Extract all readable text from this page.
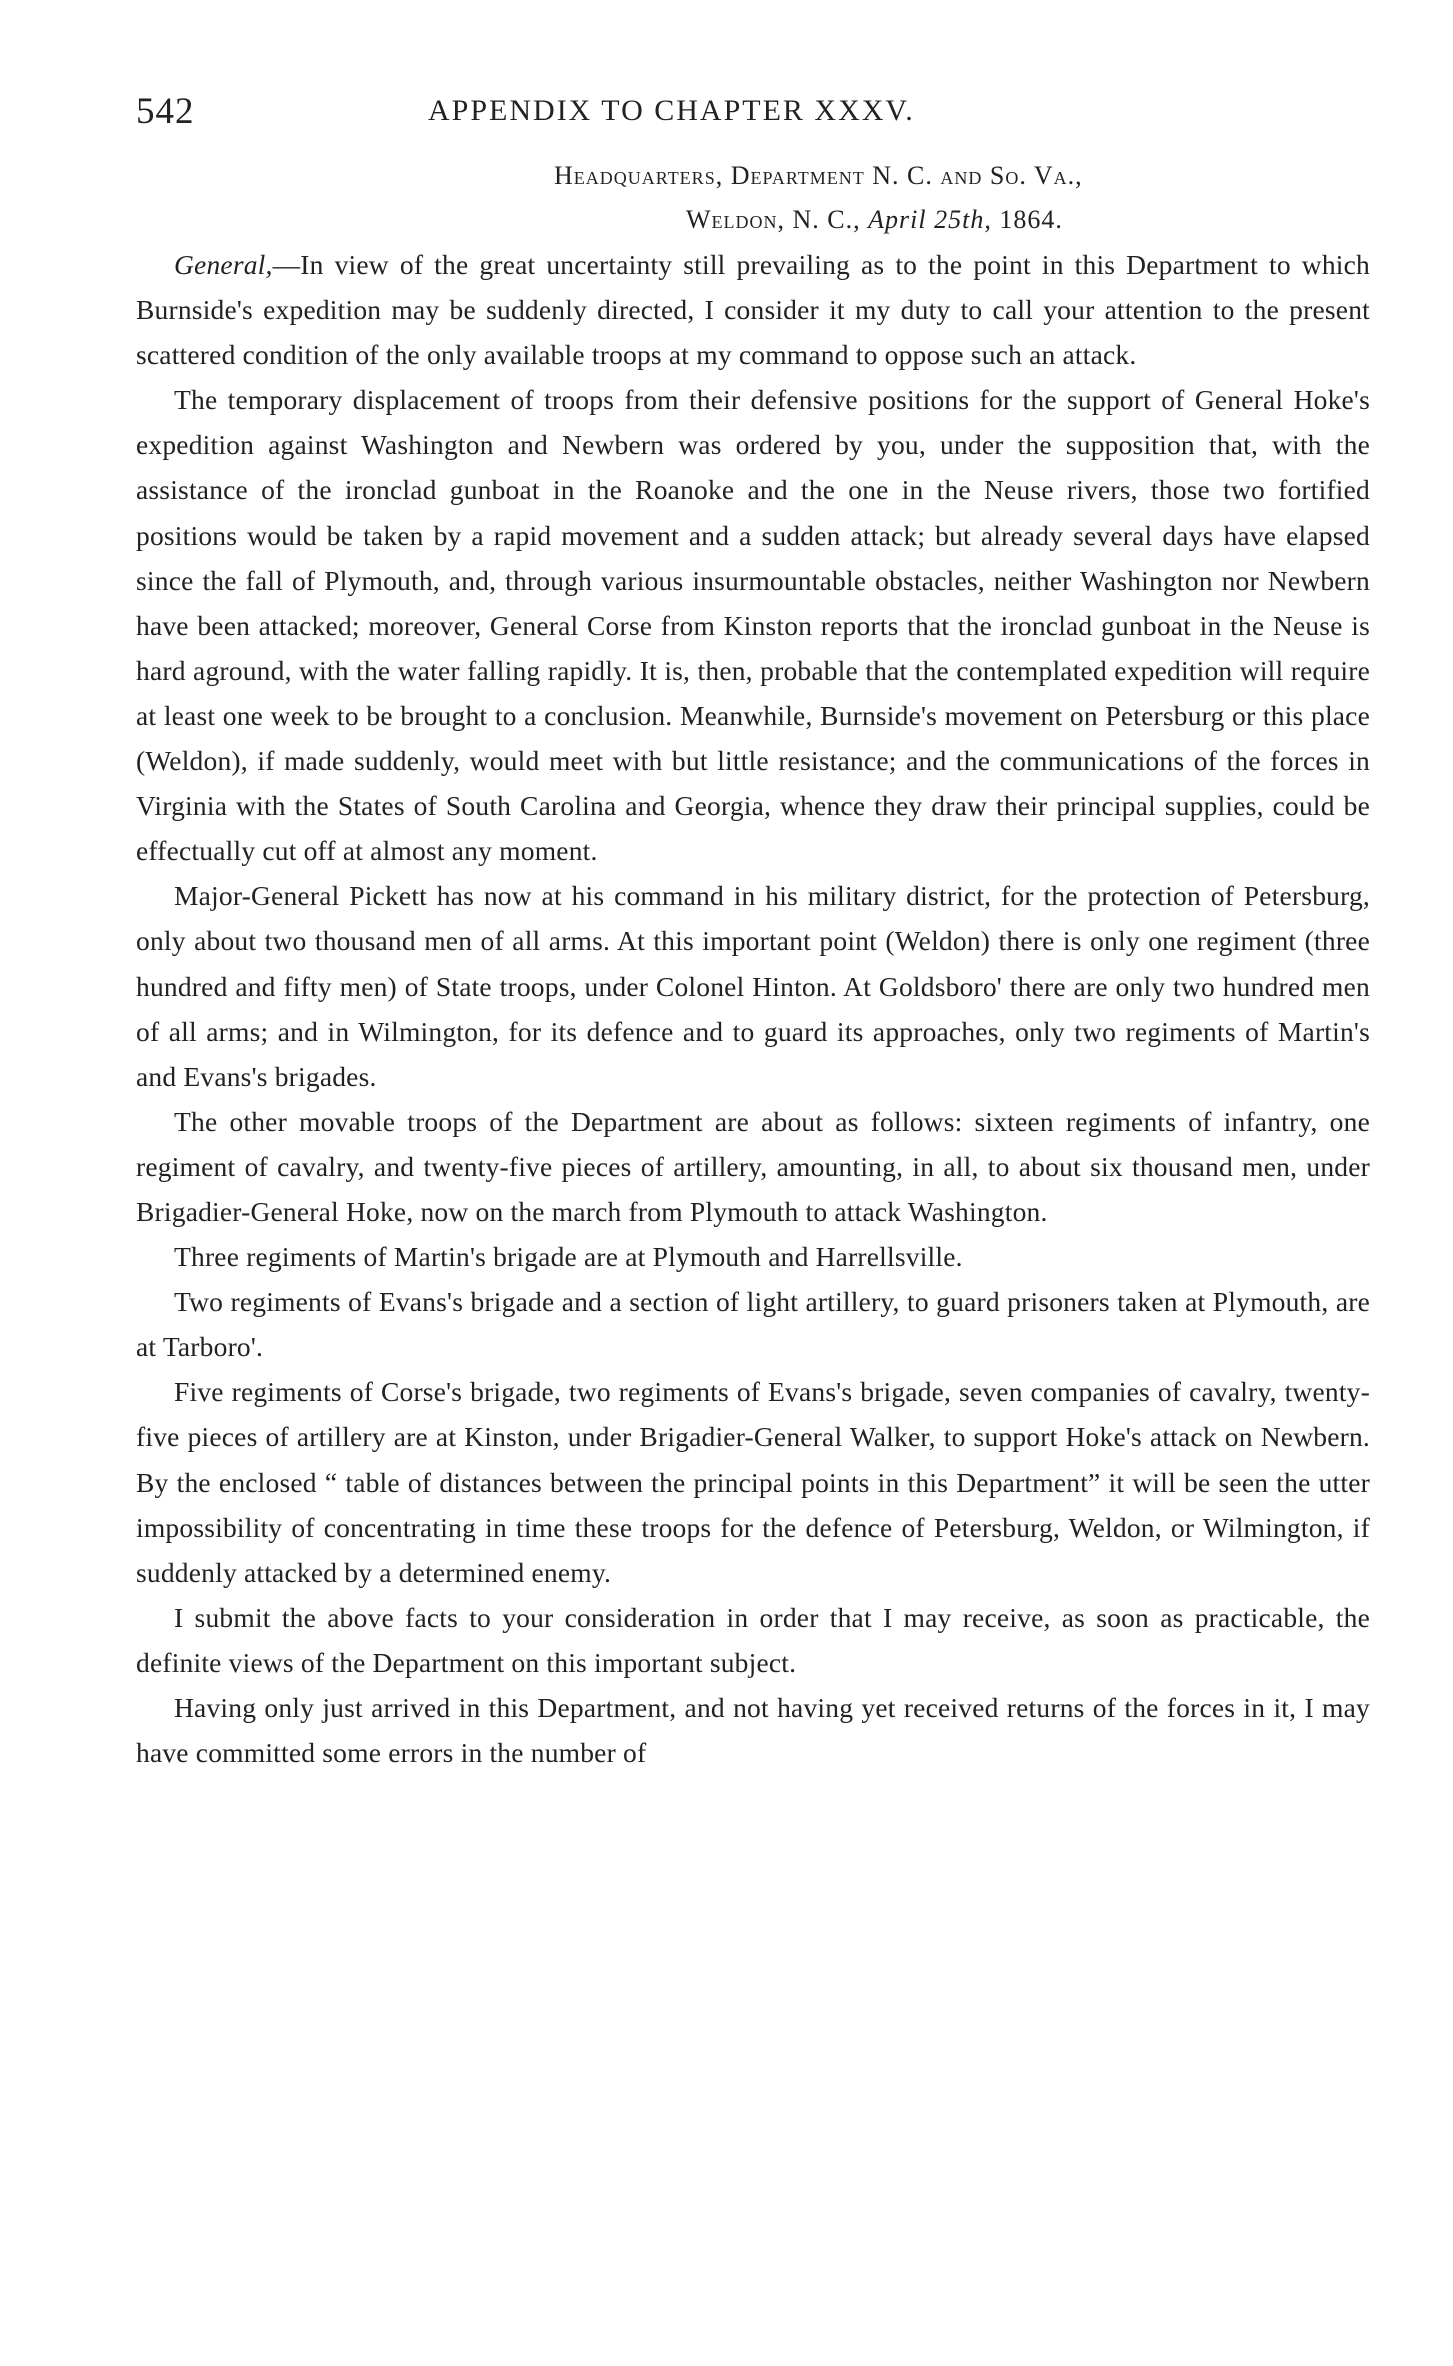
542	APPENDIX TO CHAPTER XXXV.
Headquarters, Department N. C. and So. Va.,
Weldon, N. C., April 25th, 1864.

General,—In view of the great uncertainty still prevailing as to the point in this Department to which Burnside's expedition may be suddenly directed, I consider it my duty to call your attention to the present scattered condition of the only available troops at my command to oppose such an attack.

The temporary displacement of troops from their defensive positions for the support of General Hoke's expedition against Washington and Newbern was ordered by you, under the supposition that, with the assistance of the ironclad gunboat in the Roanoke and the one in the Neuse rivers, those two fortified positions would be taken by a rapid movement and a sudden attack; but already several days have elapsed since the fall of Plymouth, and, through various insurmountable obstacles, neither Washington nor Newbern have been attacked; moreover, General Corse from Kinston reports that the ironclad gunboat in the Neuse is hard aground, with the water falling rapidly. It is, then, probable that the contemplated expedition will require at least one week to be brought to a conclusion. Meanwhile, Burnside's movement on Petersburg or this place (Weldon), if made suddenly, would meet with but little resistance; and the communications of the forces in Virginia with the States of South Carolina and Georgia, whence they draw their principal supplies, could be effectually cut off at almost any moment.

Major-General Pickett has now at his command in his military district, for the protection of Petersburg, only about two thousand men of all arms. At this important point (Weldon) there is only one regiment (three hundred and fifty men) of State troops, under Colonel Hinton. At Goldsboro' there are only two hundred men of all arms; and in Wilmington, for its defence and to guard its approaches, only two regiments of Martin's and Evans's brigades.

The other movable troops of the Department are about as follows: sixteen regiments of infantry, one regiment of cavalry, and twenty-five pieces of artillery, amounting, in all, to about six thousand men, under Brigadier-General Hoke, now on the march from Plymouth to attack Washington.

Three regiments of Martin's brigade are at Plymouth and Harrellsville.

Two regiments of Evans's brigade and a section of light artillery, to guard prisoners taken at Plymouth, are at Tarboro'.

Five regiments of Corse's brigade, two regiments of Evans's brigade, seven companies of cavalry, twenty-five pieces of artillery are at Kinston, under Brigadier-General Walker, to support Hoke's attack on Newbern. By the enclosed “ table of distances between the principal points in this Department” it will be seen the utter impossibility of concentrating in time these troops for the defence of Petersburg, Weldon, or Wilmington, if suddenly attacked by a determined enemy.

I submit the above facts to your consideration in order that I may receive, as soon as practicable, the definite views of the Department on this important subject.

Having only just arrived in this Department, and not having yet received returns of the forces in it, I may have committed some errors in the number of
